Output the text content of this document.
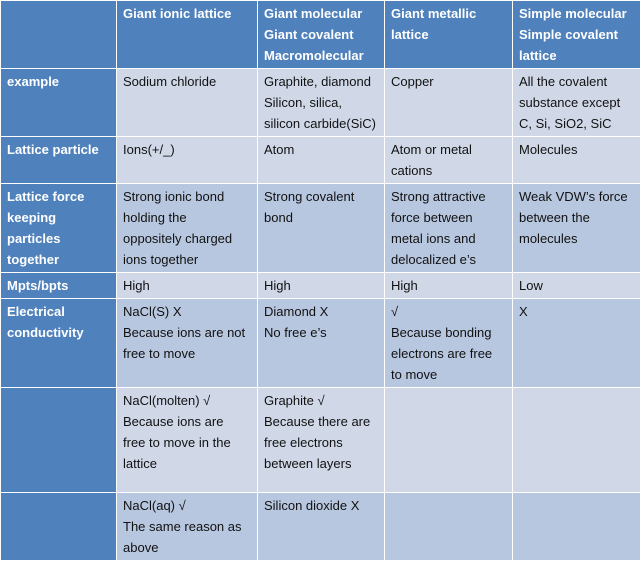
	Giant ionic lattice	Giant molecular
Giant covalent
Macromolecular	Giant metallic
lattice	Simple molecular
Simple covalent
lattice
example	Sodium chloride	Graphite, diamond
Silicon, silica,
silicon carbide(SiC)	Copper	All the covalent
substance except
C, Si, SiO2, SiC
Lattice particle	Ions(+/_)	Atom	Atom or metal
cations	Molecules
Lattice force
keeping
particles
together	Strong ionic bond
holding the
oppositely charged
ions together	Strong covalent
bond	Strong attractive
force between
metal ions and
delocalized e’s	Weak VDW’s force
between the
molecules
Mpts/bpts	High	High	High	Low
Electrical
conductivity	NaCl(S) X
Because ions are not
free to move	Diamond X
No free e’s	√
Because bonding
electrons are free
to move	X
	NaCl(molten) √
Because ions are
free to move in the
lattice	Graphite √
Because there are
free electrons
between layers		
	NaCl(aq) √
The same reason as
above	Silicon dioxide X		
